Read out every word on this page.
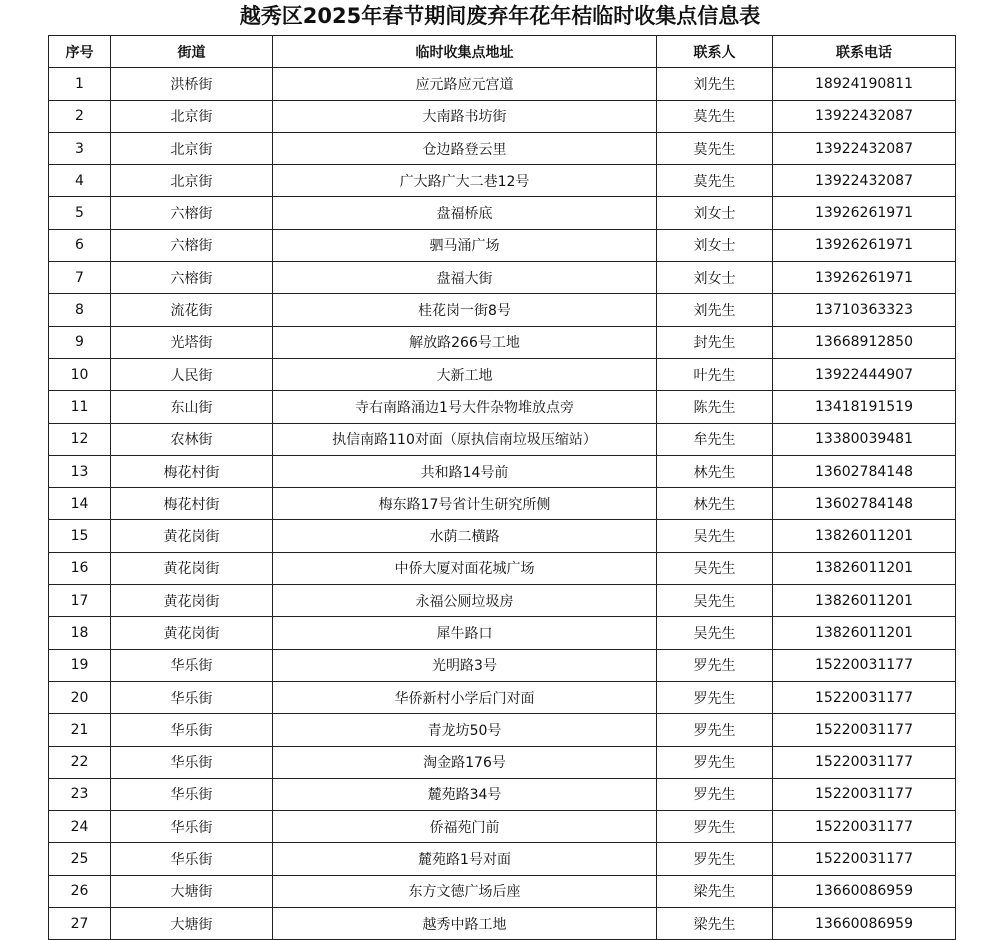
越秀区2025年春节期间废弃年花年桔临时收集点信息表
序号	街道	临时收集点地址	联系人	联系电话
1	洪桥街	应元路应元宫道	刘先生	18924190811
2	北京街	大南路书坊街	莫先生	13922432087
3	北京街	仓边路登云里	莫先生	13922432087
4	北京街	广大路广大二巷12号	莫先生	13922432087
5	六榕街	盘福桥底	刘女士	13926261971
6	六榕街	驷马涌广场	刘女士	13926261971
7	六榕街	盘福大街	刘女士	13926261971
8	流花街	桂花岗一街8号	刘先生	13710363323
9	光塔街	解放路266号工地	封先生	13668912850
10	人民街	大新工地	叶先生	13922444907
11	东山街	寺右南路涌边1号大件杂物堆放点旁	陈先生	13418191519
12	农林街	执信南路110对面（原执信南垃圾压缩站）	牟先生	13380039481
13	梅花村街	共和路14号前	林先生	13602784148
14	梅花村街	梅东路17号省计生研究所侧	林先生	13602784148
15	黄花岗街	水荫二横路	吴先生	13826011201
16	黄花岗街	中侨大厦对面花城广场	吴先生	13826011201
17	黄花岗街	永福公厕垃圾房	吴先生	13826011201
18	黄花岗街	犀牛路口	吴先生	13826011201
19	华乐街	光明路3号	罗先生	15220031177
20	华乐街	华侨新村小学后门对面	罗先生	15220031177
21	华乐街	青龙坊50号	罗先生	15220031177
22	华乐街	淘金路176号	罗先生	15220031177
23	华乐街	麓苑路34号	罗先生	15220031177
24	华乐街	侨福苑门前	罗先生	15220031177
25	华乐街	麓苑路1号对面	罗先生	15220031177
26	大塘街	东方文德广场后座	梁先生	13660086959
27	大塘街	越秀中路工地	梁先生	13660086959
